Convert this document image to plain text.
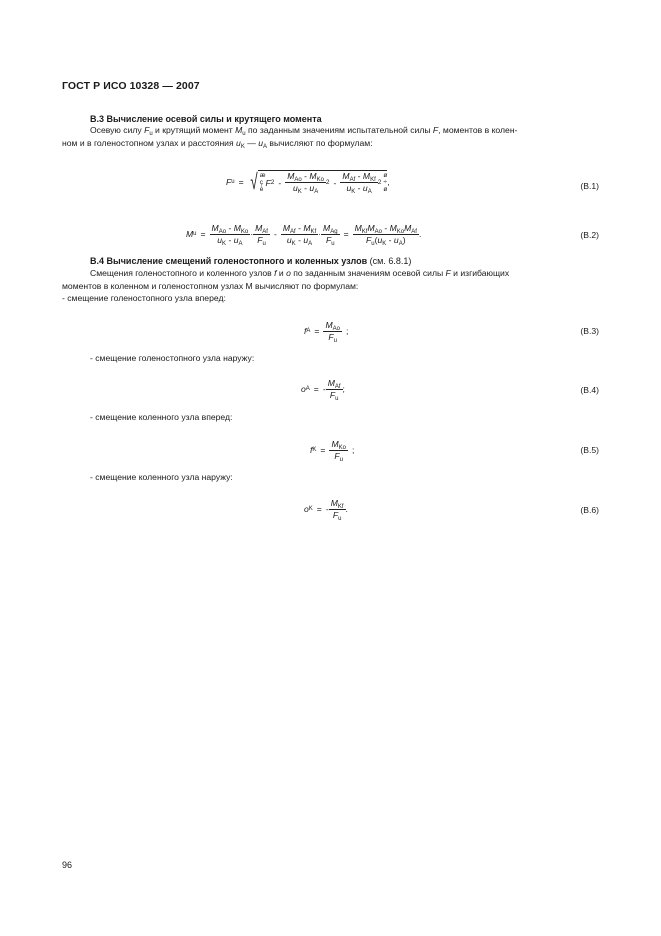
ГОСТ Р ИСО 10328 — 2007
B.3 Вычисление осевой силы и крутящего момента
Осевую силу $F_u$ и крутящий момент $M_u$ по заданным значениям испытательной силы F, моментов в колен-
ном и в голеностопном узлах и расстояния $u_K$ — $u_A$ вычисляют по формулам:
F u = √ æ
ç
è
F $2 - \frac{M_{Ao} - M_{Ko}}{u_K - u_A} 2 - \frac{M_{Af} - M_{Kf}}{u_K - u_A} 2$
ø
÷
ø
,	(B.1)
M $u = \frac{M_{Ao} - M_{Ko}}{u_K - u_A} \cdot \frac{M_{Af}}{F_u} - \frac{M_{Af} - M_{Kf}}{u_K - u_A} \cdot \frac{M_{Ag}}{F_u} = \frac{M_{Kf}M_{Ao} - M_{Ko}M_{Af}}{F_u(u_K - u_A)}$ .	(B.2)
B.4 Вычисление смещений голеностопного и коленных узлов (см. 6.8.1)
Смещения голеностопного и коленного узлов f и o по заданным значениям осевой силы F и изгибающих
моментов в коленном и голеностопном узлах М вычисляют по формулам:
- смещение голеностопного узла вперед:
f $A = \frac{M_{Ao}}{F_u}$ ;	(B.3)
- смещение голеностопного узла наружу:
o A = - $\frac{M_{Af}}{F_u}$ ;	(B.4)
- смещение коленного узла вперед:
f $K = \frac{M_{Ko}}{F_u}$ ;	(B.5)
- смещение коленного узла наружу:
o K = - $\frac{M_{Kf}}{F_u}$ .	(B.6)
96
